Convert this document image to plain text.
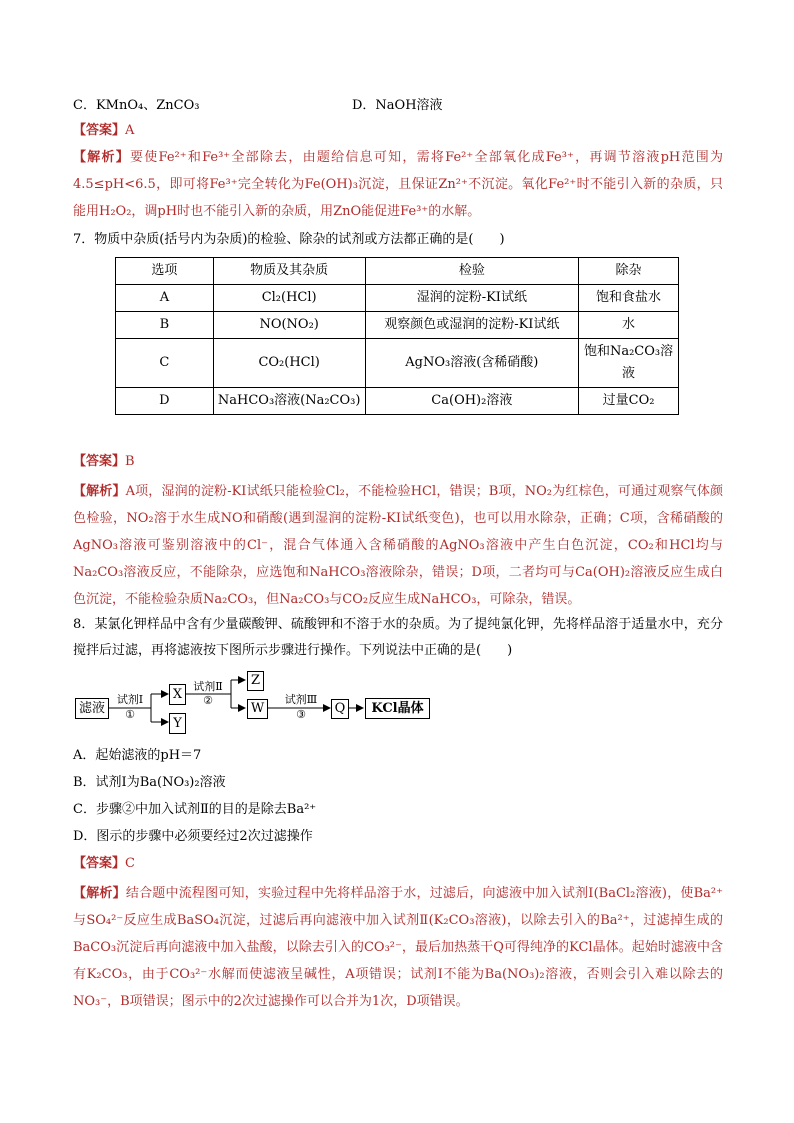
C．KMnO₄、ZnCO₃	D．NaOH溶液
【答案】A
【解析】要使Fe²⁺和Fe³⁺全部除去，由题给信息可知，需将Fe²⁺全部氧化成Fe³⁺，再调节溶液pH范围为4.5≤pH<6.5，即可将Fe³⁺完全转化为Fe(OH)₃沉淀，且保证Zn²⁺不沉淀。氧化Fe²⁺时不能引入新的杂质，只能用H₂O₂，调pH时也不能引入新的杂质，用ZnO能促进Fe³⁺的水解。
7．物质中杂质(括号内为杂质)的检验、除杂的试剂或方法都正确的是(　　)
选项	物质及其杂质	检验	除杂
A	Cl₂(HCl)	湿润的淀粉-KI试纸	饱和食盐水
B	NO(NO₂)	观察颜色或湿润的淀粉-KI试纸	水
C	CO₂(HCl)	AgNO₃溶液(含稀硝酸)	饱和Na₂CO₃溶液
D	NaHCO₃溶液(Na₂CO₃)	Ca(OH)₂溶液	过量CO₂
【答案】B
【解析】A项，湿润的淀粉-KI试纸只能检验Cl₂，不能检验HCl，错误；B项，NO₂为红棕色，可通过观察气体颜色检验，NO₂溶于水生成NO和硝酸(遇到湿润的淀粉-KI试纸变色)，也可以用水除杂，正确；C项，含稀硝酸的AgNO₃溶液可鉴别溶液中的Cl⁻，混合气体通入含稀硝酸的AgNO₃溶液中产生白色沉淀，CO₂和HCl均与Na₂CO₃溶液反应，不能除杂，应选饱和NaHCO₃溶液除杂，错误；D项，二者均可与Ca(OH)₂溶液反应生成白色沉淀，不能检验杂质Na₂CO₃，但Na₂CO₃与CO₂反应生成NaHCO₃，可除杂，错误。
8．某氯化钾样品中含有少量碳酸钾、硫酸钾和不溶于水的杂质。为了提纯氯化钾，先将样品溶于适量水中，充分搅拌后过滤，再将滤液按下图所示步骤进行操作。下列说法中正确的是(　　)
滤液
试剂Ⅰ
①
X
Y
试剂Ⅱ
②
Z
W
试剂Ⅲ
③	Q	KCl晶体
A．起始滤液的pH＝7
B．试剂Ⅰ为Ba(NO₃)₂溶液
C．步骤②中加入试剂Ⅱ的目的是除去Ba²⁺
D．图示的步骤中必须要经过2次过滤操作
【答案】C
【解析】结合题中流程图可知，实验过程中先将样品溶于水，过滤后，向滤液中加入试剂Ⅰ(BaCl₂溶液)，使Ba²⁺与SO₄²⁻反应生成BaSO₄沉淀，过滤后再向滤液中加入试剂Ⅱ(K₂CO₃溶液)，以除去引入的Ba²⁺，过滤掉生成的BaCO₃沉淀后再向滤液中加入盐酸，以除去引入的CO₃²⁻，最后加热蒸干Q可得纯净的KCl晶体。起始时滤液中含有K₂CO₃，由于CO₃²⁻水解而使滤液呈碱性，A项错误；试剂Ⅰ不能为Ba(NO₃)₂溶液，否则会引入难以除去的NO₃⁻，B项错误；图示中的2次过滤操作可以合并为1次，D项错误。
